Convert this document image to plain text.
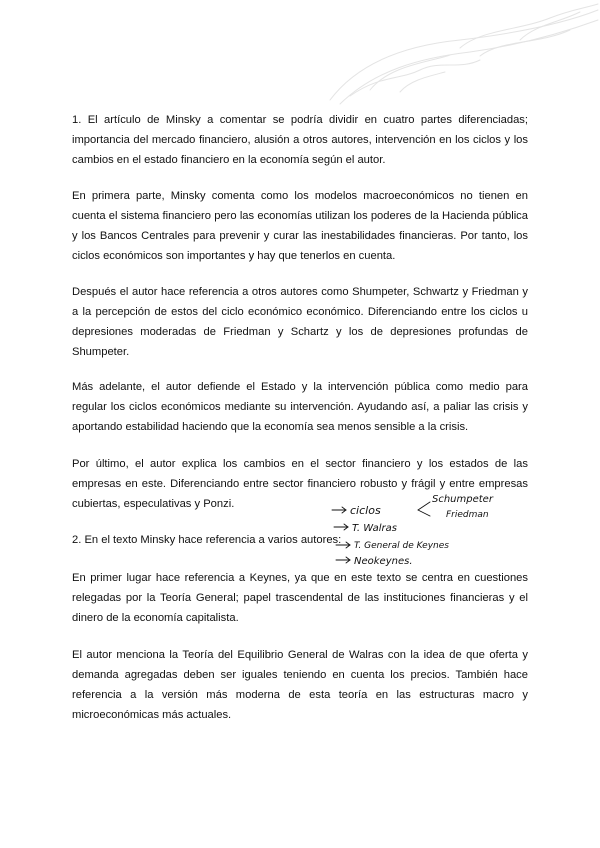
1. El artículo de Minsky a comentar se podría dividir en cuatro partes diferenciadas; importancia del mercado financiero, alusión a otros autores, intervención en los ciclos y los cambios en el estado financiero en la economía según el autor.

En primera parte, Minsky comenta como los modelos macroeconómicos no tienen en cuenta el sistema financiero pero las economías utilizan los poderes de la Hacienda pública y los Bancos Centrales para prevenir y curar las inestabilidades financieras. Por tanto, los ciclos económicos son importantes y hay que tenerlos en cuenta.

Después el autor hace referencia a otros autores como Shumpeter, Schwartz y Friedman y a la percepción de estos del ciclo económico económico. Diferenciando entre los ciclos u depresiones moderadas de Friedman y Schartz y los de depresiones profundas de Shumpeter.

Más adelante, el autor defiende el Estado y la intervención pública como medio para regular los ciclos económicos mediante su intervención. Ayudando así, a paliar las crisis y aportando estabilidad haciendo que la economía sea menos sensible a la crisis.

Por último, el autor explica los cambios en el sector financiero y los estados de las empresas en este. Diferenciando entre sector financiero robusto y frágil y entre empresas cubiertas, especulativas y Ponzi.

2. En el texto Minsky hace referencia a varios autores:

En primer lugar hace referencia a Keynes, ya que en este texto se centra en cuestiones relegadas por la Teoría General; papel trascendental de las instituciones financieras y el dinero de la economía capitalista.

El autor menciona la Teoría del Equilibrio General de Walras con la idea de que oferta y demanda agregadas deben ser iguales teniendo en cuenta los precios. También hace referencia a la versión más moderna de esta teoría en las estructuras macro y microeconómicas más actuales.

ciclos
Schumpeter
Friedman
T. Walras
T. General de Keynes
Neokeynes.
